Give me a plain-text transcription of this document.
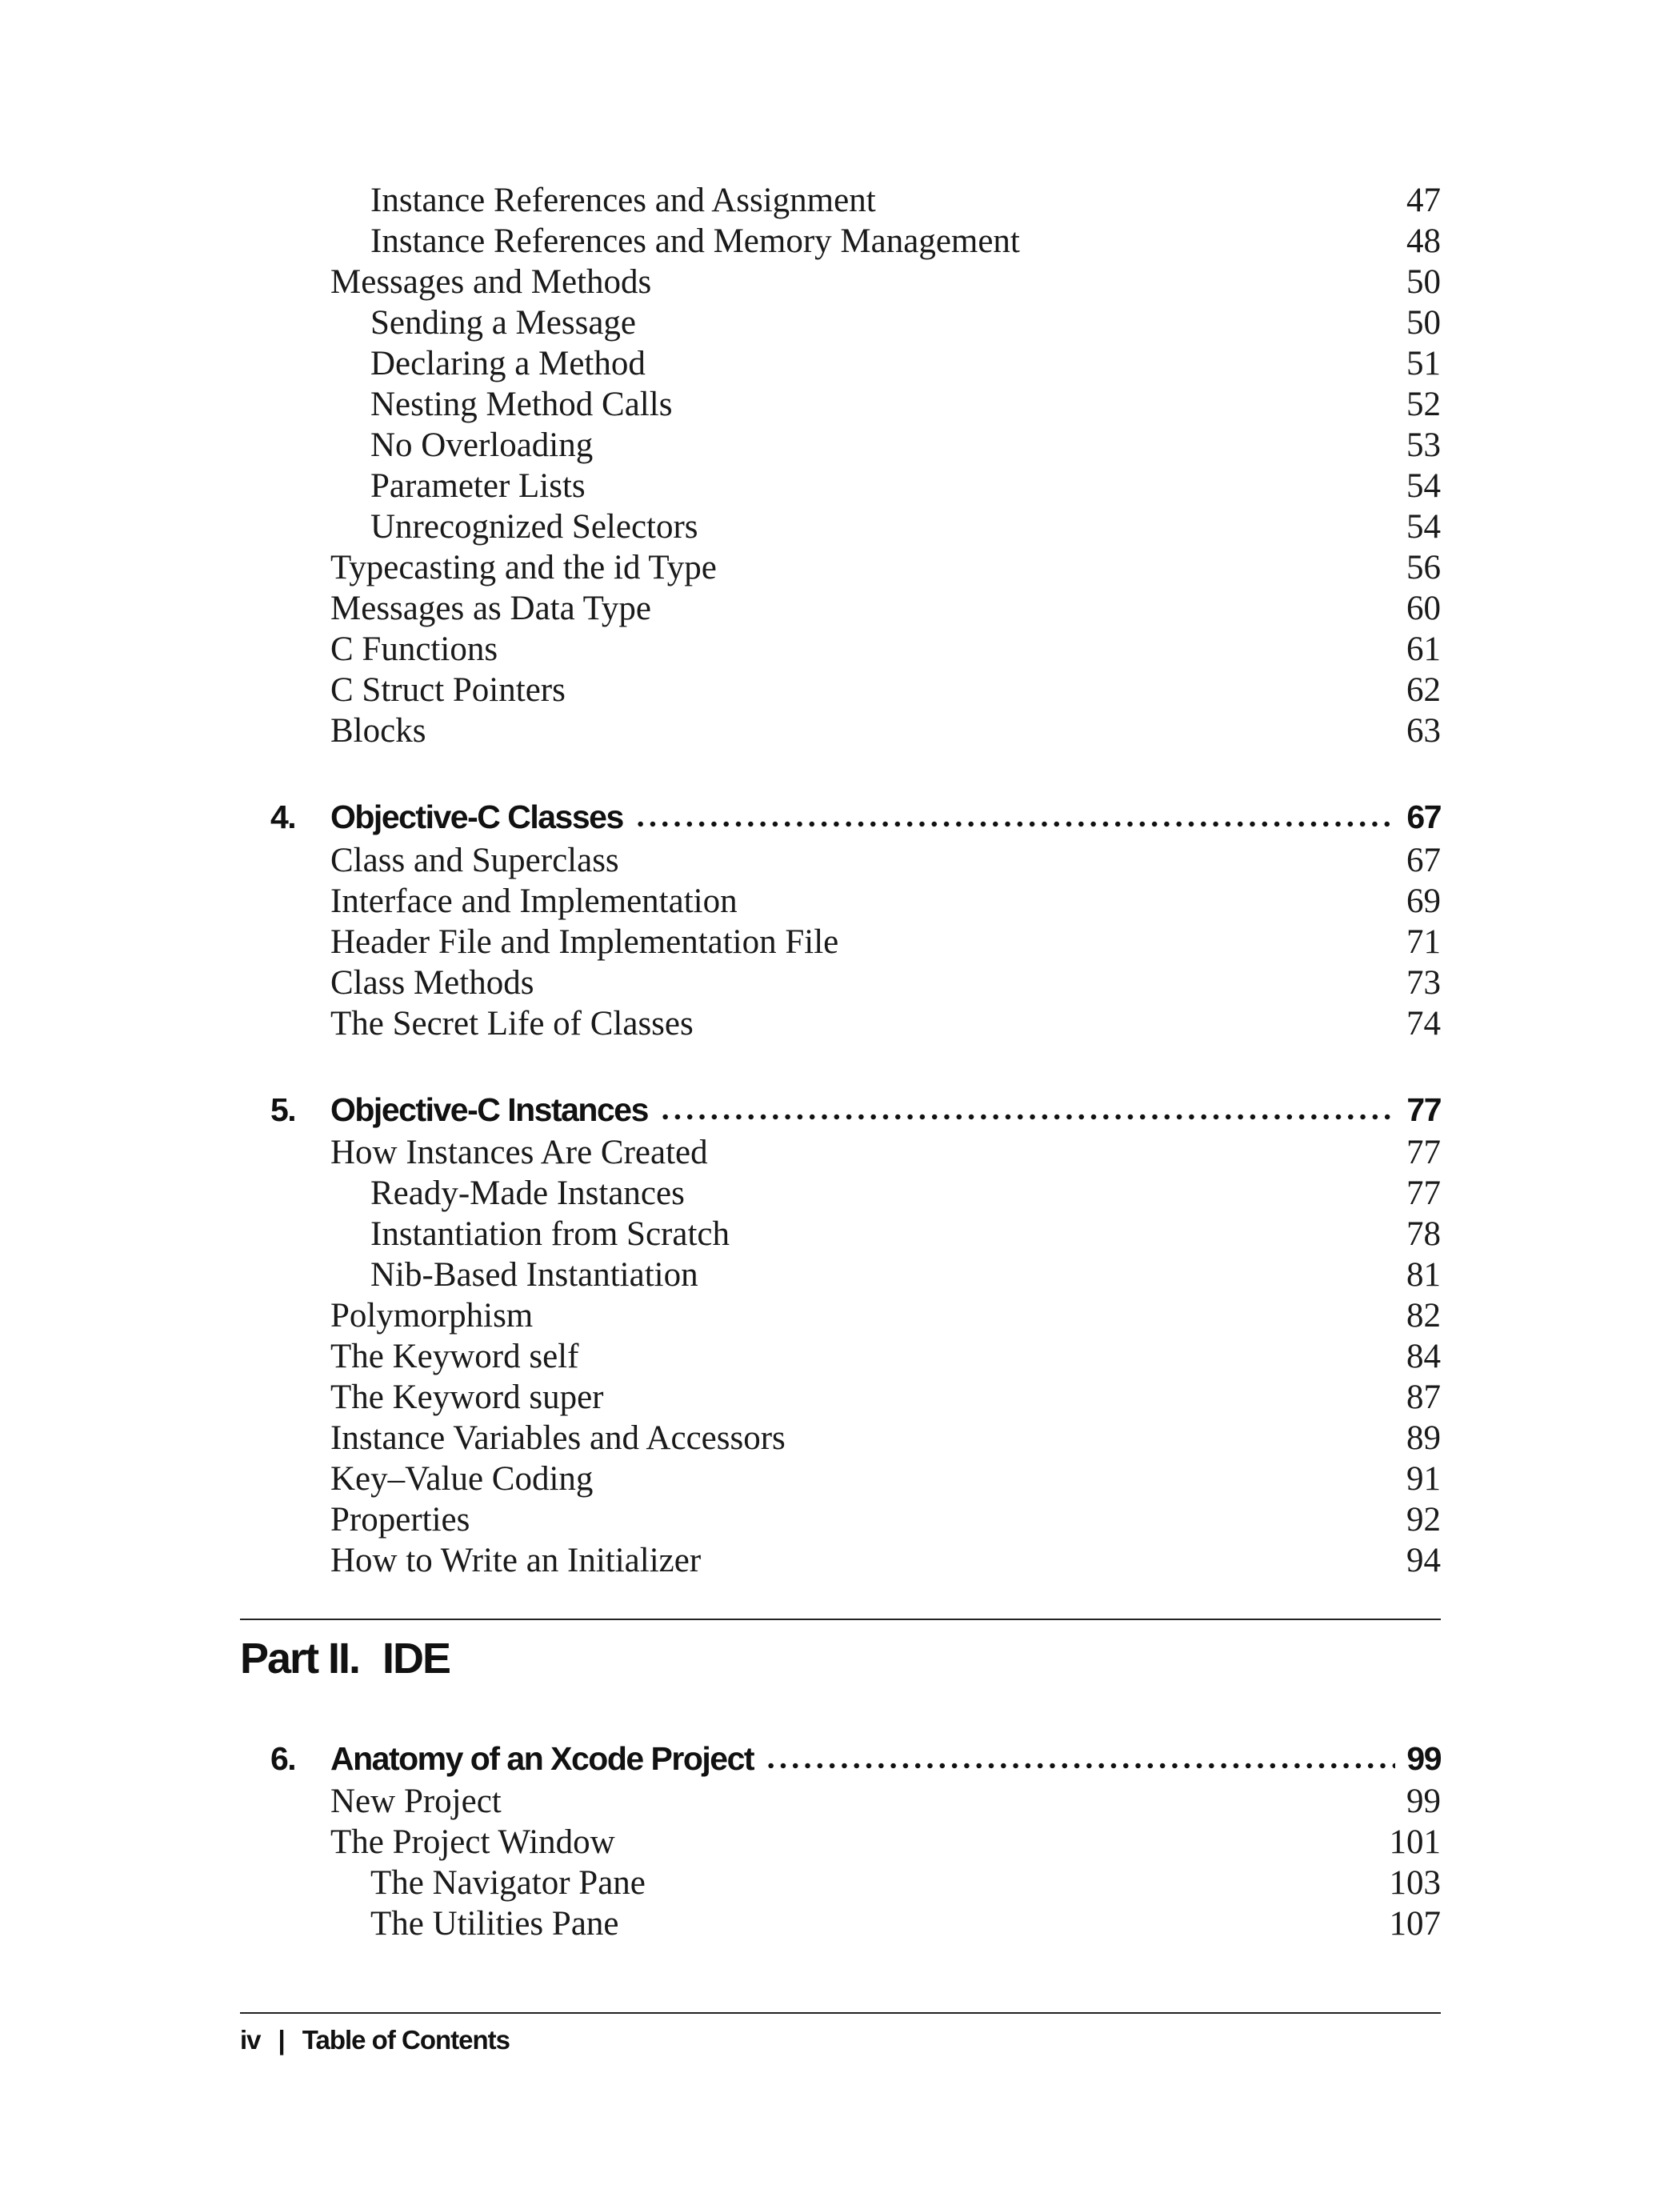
Instance References and Assignment	47
Instance References and Memory Management	48
Messages and Methods	50
Sending a Message	50
Declaring a Method	51
Nesting Method Calls	52
No Overloading	53
Parameter Lists	54
Unrecognized Selectors	54
Typecasting and the id Type	56
Messages as Data Type	60
C Functions	61
C Struct Pointers	62
Blocks	63
4.	Objective-C Classes	67
Class and Superclass	67
Interface and Implementation	69
Header File and Implementation File	71
Class Methods	73
The Secret Life of Classes	74
5.	Objective-C Instances	77
How Instances Are Created	77
Ready-Made Instances	77
Instantiation from Scratch	78
Nib-Based Instantiation	81
Polymorphism	82
The Keyword self	84
The Keyword super	87
Instance Variables and Accessors	89
Key–Value Coding	91
Properties	92
How to Write an Initializer	94
Part II. IDE
6.	Anatomy of an Xcode Project	99
New Project	99
The Project Window	101
The Navigator Pane	103
The Utilities Pane	107
iv | Table of Contents
